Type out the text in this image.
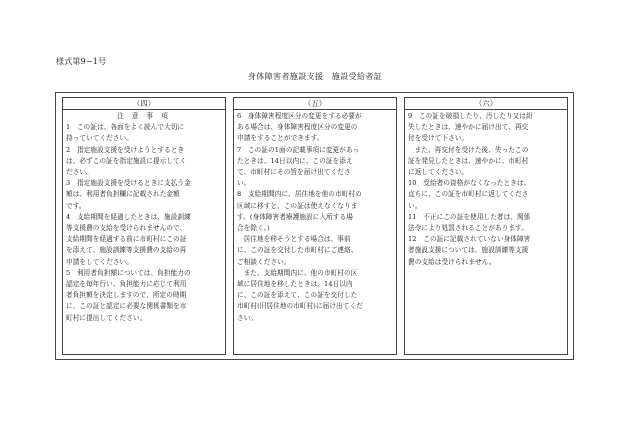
様式第9−1号
身体障害者施設支援　施設受給者証
（四）
注 意 事 項

1　この証は、各面をよく読んで大切に
持っていてください。

2　指定施設支援を受けようとするとき
は、必ずこの証を指定施設に提示してく
ださい。

3　指定施設支援を受けるときに支払う金
額は、利用者負担欄に記載された金額
です。

4　支給期間を経過したときは、施設訓練
等支援費の支給を受けられませんので、
支給期間を経過する前に市町村にこの証
を添えて、施設訓練等支援費の支給の再
申請をしてください。

5　利用者負担額については、負担能力の
認定を毎年行い、負担能力に応じて利用
者負担額を決定しますので、所定の時期
に、この証と認定に必要な関係書類を市
町村に提出してください。

（五）

6　身体障害程度区分の変更をする必要が
ある場合は、身体障害程度区分の変更の
申請をすることができます。

7　この証の1面の記載事項に変更があっ
たときは、14日以内に、この証を添え
て、市町村にその旨を届け出てくださ
い。

8　支給期間内に、居住地を他の市町村の
区域に移すと、この証は使えなくなりま
す。(身体障害者療護施設に入所する場
合を除く。)

居住地を移そうとする場合は、事前
に、この証を交付した市町村にご連絡、
ご相談ください。

また、支給期間内に、他の市町村の区
域に居住地を移したときは、14日以内
に、この証を添えて、この証を交付した
市町村(旧居住地の市町村)に届け出てくだ
さい。

（六）

9　この証を破損したり、汚したり又は紛
失したときは、速やかに届け出て、再交
付を受けて下さい。

また、再交付を受けた後、失ったこの
証を発見したときは、速やかに、市町村
に返してください。

10　受給者の資格がなくなったときは、
直ちに、この証を市町村に返してくださ
い。

11　不正にこの証を使用した者は、関係
法令により処罰されることがあります。

12　この証に記載されていない身体障害
者施設支援については、施設訓練等支援
費の支給は受けられません。
